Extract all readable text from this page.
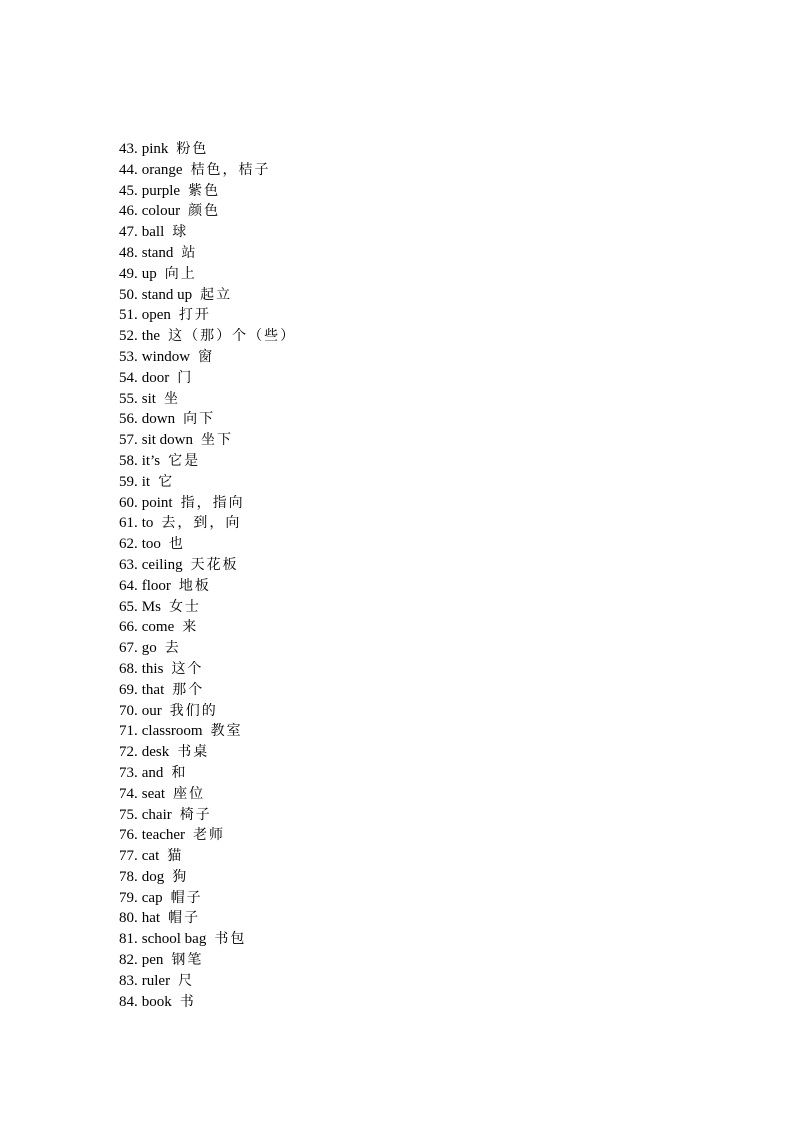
43. pink 粉色
44. orange 桔色，桔子
45. purple 紫色
46. colour 颜色
47. ball 球
48. stand 站
49. up 向上
50. stand up 起立
51. open 打开
52. the 这（那）个（些）
53. window 窗
54. door 门
55. sit 坐
56. down 向下
57. sit down 坐下
58. it’s 它是
59. it 它
60. point 指，指向
61. to 去，到，向
62. too 也
63. ceiling 天花板
64. floor 地板
65. Ms 女士
66. come 来
67. go 去
68. this 这个
69. that 那个
70. our 我们的
71. classroom 教室
72. desk 书桌
73. and 和
74. seat 座位
75. chair 椅子
76. teacher 老师
77. cat 猫
78. dog 狗
79. cap 帽子
80. hat 帽子
81. school bag 书包
82. pen 钢笔
83. ruler 尺
84. book 书
